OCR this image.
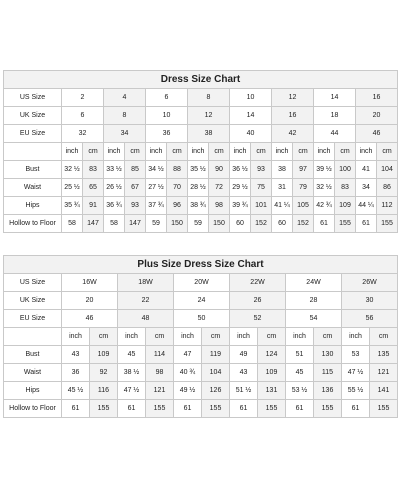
Dress Size Chart																
US Size	2		4		6		8		10		12		14		16	
UK Size	6		8		10		12		14		16		18		20	
EU Size	32		34		36		38		40		42		44		46	
	inch	cm	inch	cm	inch	cm	inch	cm	inch	cm	inch	cm	inch	cm	inch	cm
Bust	32 ½	83	33 ½	85	34 ½	88	35 ½	90	36 ½	93	38	97	39 ½	100	41	104
Waist	25 ½	65	26 ½	67	27 ½	70	28 ½	72	29 ½	75	31	79	32 ½	83	34	86
Hips	35 ¾	91	36 ¾	93	37 ¾	96	38 ¾	98	39 ¾	101	41 ¼	105	42 ¾	109	44 ¼	112
Hollow to Floor	58	147	58	147	59	150	59	150	60	152	60	152	61	155	61	155
Plus Size Dress Size Chart												
US Size	16W		18W		20W		22W		24W		26W	
UK Size	20		22		24		26		28		30	
EU Size	46		48		50		52		54		56	
	inch	cm	inch	cm	inch	cm	inch	cm	inch	cm	inch	cm
Bust	43	109	45	114	47	119	49	124	51	130	53	135
Waist	36	92	38 ½	98	40 ¾	104	43	109	45	115	47 ½	121
Hips	45 ½	116	47 ½	121	49 ½	126	51 ½	131	53 ½	136	55 ½	141
Hollow to Floor	61	155	61	155	61	155	61	155	61	155	61	155
